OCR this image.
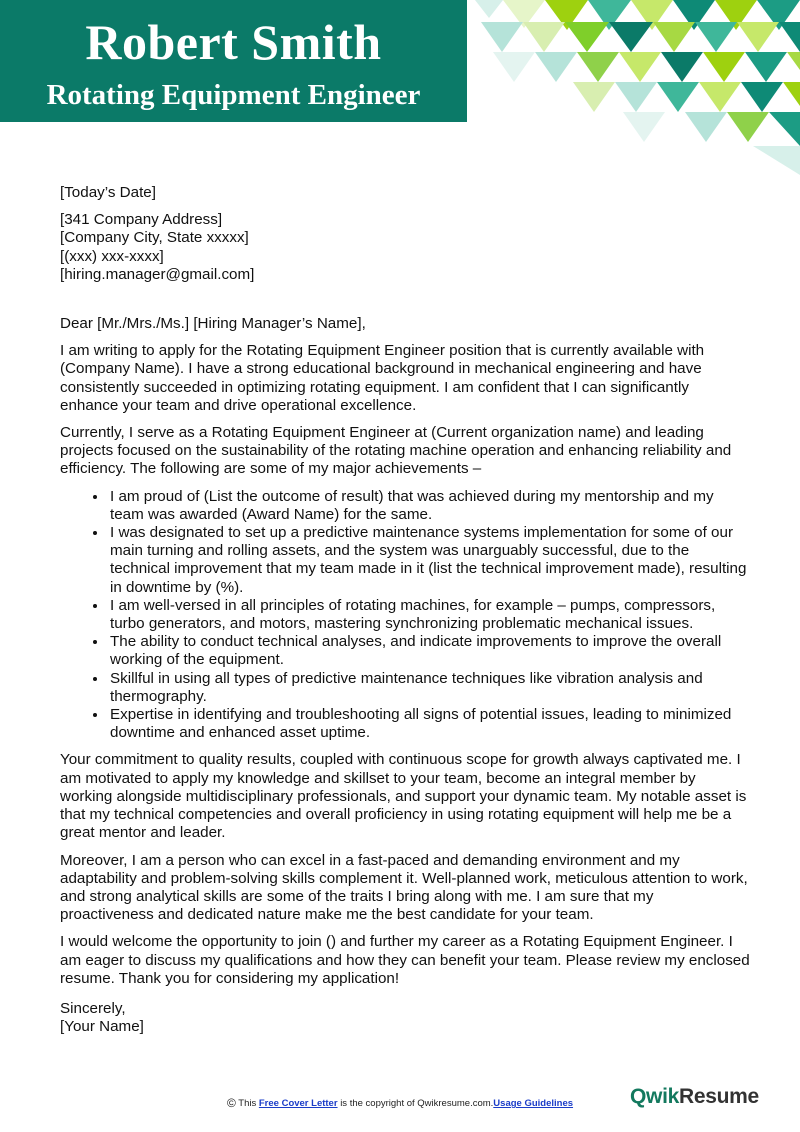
Robert Smith
Rotating Equipment Engineer

[Today’s Date]

[341 Company Address]

[Company City, State xxxxx]

[(xxx) xxx-xxxx]

[hiring.manager@gmail.com]

Dear [Mr./Mrs./Ms.] [Hiring Manager’s Name],

I am writing to apply for the Rotating Equipment Engineer position that is currently available with (Company Name). I have a strong educational background in mechanical engineering and have consistently succeeded in optimizing rotating equipment. I am confident that I can significantly enhance your team and drive operational excellence.

Currently, I serve as a Rotating Equipment Engineer at (Current organization name) and leading projects focused on the sustainability of the rotating machine operation and enhancing reliability and efficiency. The following are some of my major achievements –

• I am proud of (List the outcome of result) that was achieved during my mentorship and my team was awarded (Award Name) for the same.
• I was designated to set up a predictive maintenance systems implementation for some of our main turning and rolling assets, and the system was unarguably successful, due to the technical improvement that my team made in it (list the technical improvement made), resulting in downtime by (%).
• I am well-versed in all principles of rotating machines, for example – pumps, compressors, turbo generators, and motors, mastering synchronizing problematic mechanical issues.
• The ability to conduct technical analyses, and indicate improvements to improve the overall working of the equipment.
• Skillful in using all types of predictive maintenance techniques like vibration analysis and thermography.
• Expertise in identifying and troubleshooting all signs of potential issues, leading to minimized downtime and enhanced asset uptime.

Your commitment to quality results, coupled with continuous scope for growth always captivated me. I am motivated to apply my knowledge and skillset to your team, become an integral member by working alongside multidisciplinary professionals, and support your dynamic team. My notable asset is that my technical competencies and overall proficiency in using rotating equipment will help me be a great mentor and leader.

Moreover, I am a person who can excel in a fast-paced and demanding environment and my adaptability and problem-solving skills complement it. Well-planned work, meticulous attention to work, and strong analytical skills are some of the traits I bring along with me. I am sure that my proactiveness and dedicated nature make me the best candidate for your team.

I would welcome the opportunity to join () and further my career as a Rotating Equipment Engineer. I am eager to discuss my qualifications and how they can benefit your team. Please review my enclosed resume. Thank you for considering my application!

Sincerely,

[Your Name]

© This Free Cover Letter is the copyright of Qwikresume.com.Usage Guidelines	QwikResume
